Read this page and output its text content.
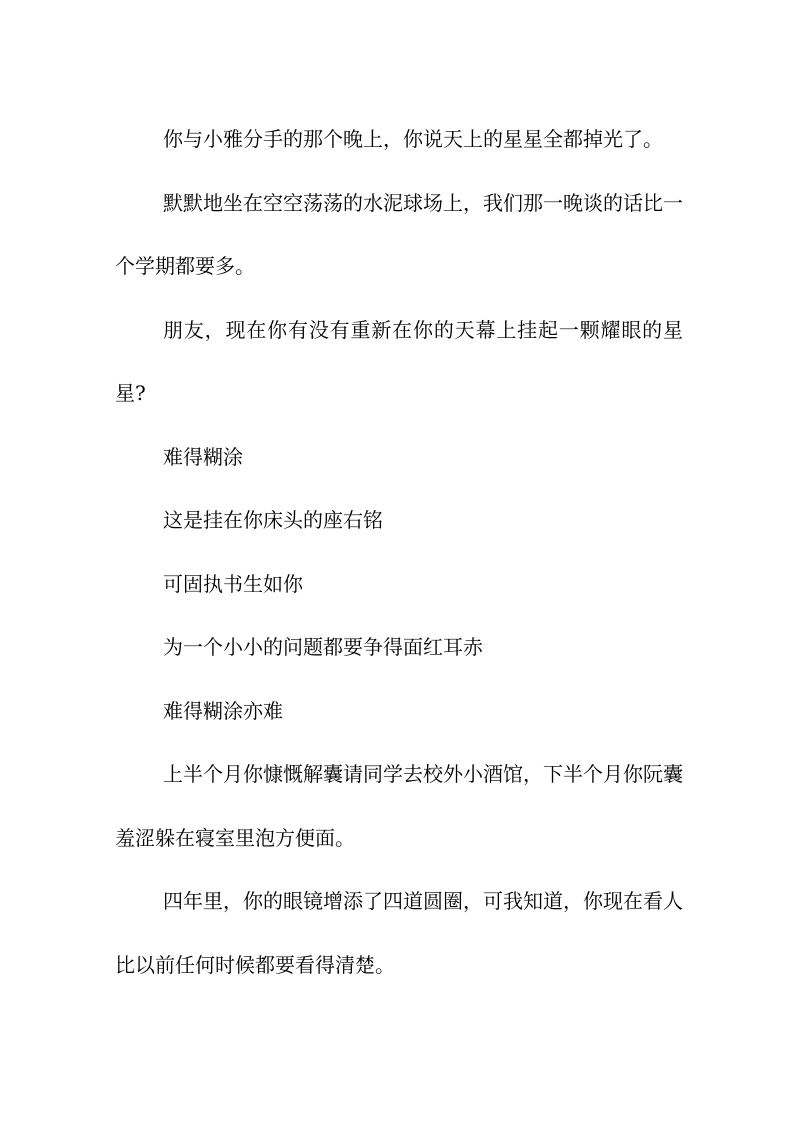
你与小雅分手的那个晚上，你说天上的星星全都掉光了。

默默地坐在空空荡荡的水泥球场上，我们那一晚谈的话比一个学期都要多。

朋友，现在你有没有重新在你的天幕上挂起一颗耀眼的星星?

难得糊涂

这是挂在你床头的座右铭

可固执书生如你

为一个小小的问题都要争得面红耳赤

难得糊涂亦难

上半个月你慷慨解囊请同学去校外小酒馆，下半个月你阮囊羞涩躲在寝室里泡方便面。

四年里，你的眼镜增添了四道圆圈，可我知道，你现在看人比以前任何时候都要看得清楚。
